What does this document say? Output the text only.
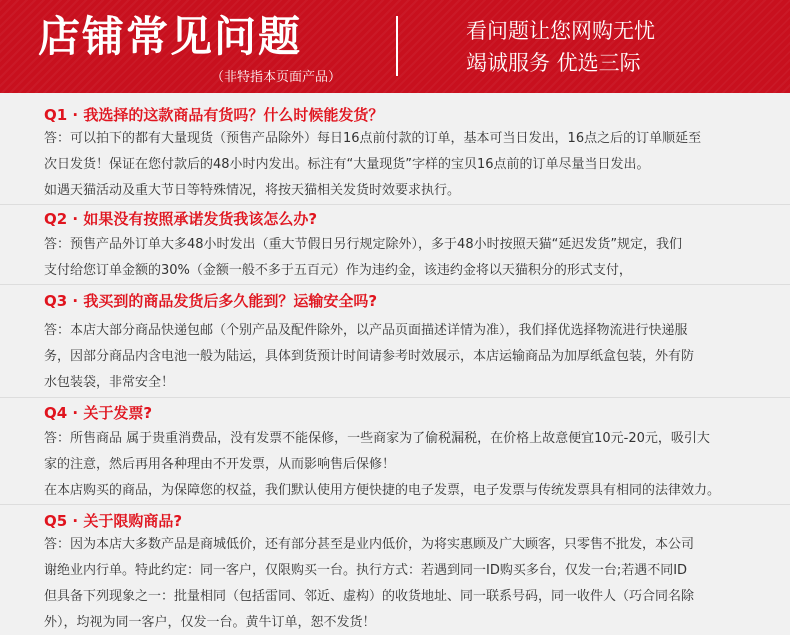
店铺常见问题
（非特指本页面产品）
看问题让您网购无忧
竭诚服务 优选三际
Q1 · 我选择的这款商品有货吗？什么时候能发货？
答：可以拍下的都有大量现货（预售产品除外）每日16点前付款的订单，基本可当日发出，16点之后的订单顺延至
次日发货！保证在您付款后的48小时内发出。标注有“大量现货”字样的宝贝16点前的订单尽量当日发出。
如遇天猫活动及重大节日等特殊情况，将按天猫相关发货时效要求执行。
Q2 · 如果没有按照承诺发货我该怎么办?
答：预售产品外订单大多48小时发出（重大节假日另行规定除外），多于48小时按照天猫“延迟发货”规定，我们
支付给您订单金额的30%（金额一般不多于五百元）作为违约金，该违约金将以天猫积分的形式支付，
Q3 · 我买到的商品发货后多久能到？运输安全吗?
答：本店大部分商品快递包邮（个别产品及配件除外，以产品页面描述详情为准），我们择优选择物流进行快递服
务，因部分商品内含电池一般为陆运，具体到货预计时间请参考时效展示，本店运输商品为加厚纸盒包装，外有防
水包装袋，非常安全！
Q4 · 关于发票?
答：所售商品 属于贵重消费品，没有发票不能保修，一些商家为了偷税漏税，在价格上故意便宜10元-20元，吸引大
家的注意，然后再用各种理由不开发票，从而影响售后保修！
在本店购买的商品，为保障您的权益，我们默认使用方便快捷的电子发票，电子发票与传统发票具有相同的法律效力。
Q5 · 关于限购商品?
答：因为本店大多数产品是商城低价，还有部分甚至是业内低价，为将实惠顾及广大顾客，只零售不批发，本公司
谢绝业内行单。特此约定：同一客户，仅限购买一台。执行方式：若遇到同一ID购买多台，仅发一台;若遇不同ID
但具备下列现象之一：批量相同（包括雷同、邻近、虚构）的收货地址、同一联系号码，同一收件人（巧合同名除
外），均视为同一客户，仅发一台。黄牛订单，恕不发货！
